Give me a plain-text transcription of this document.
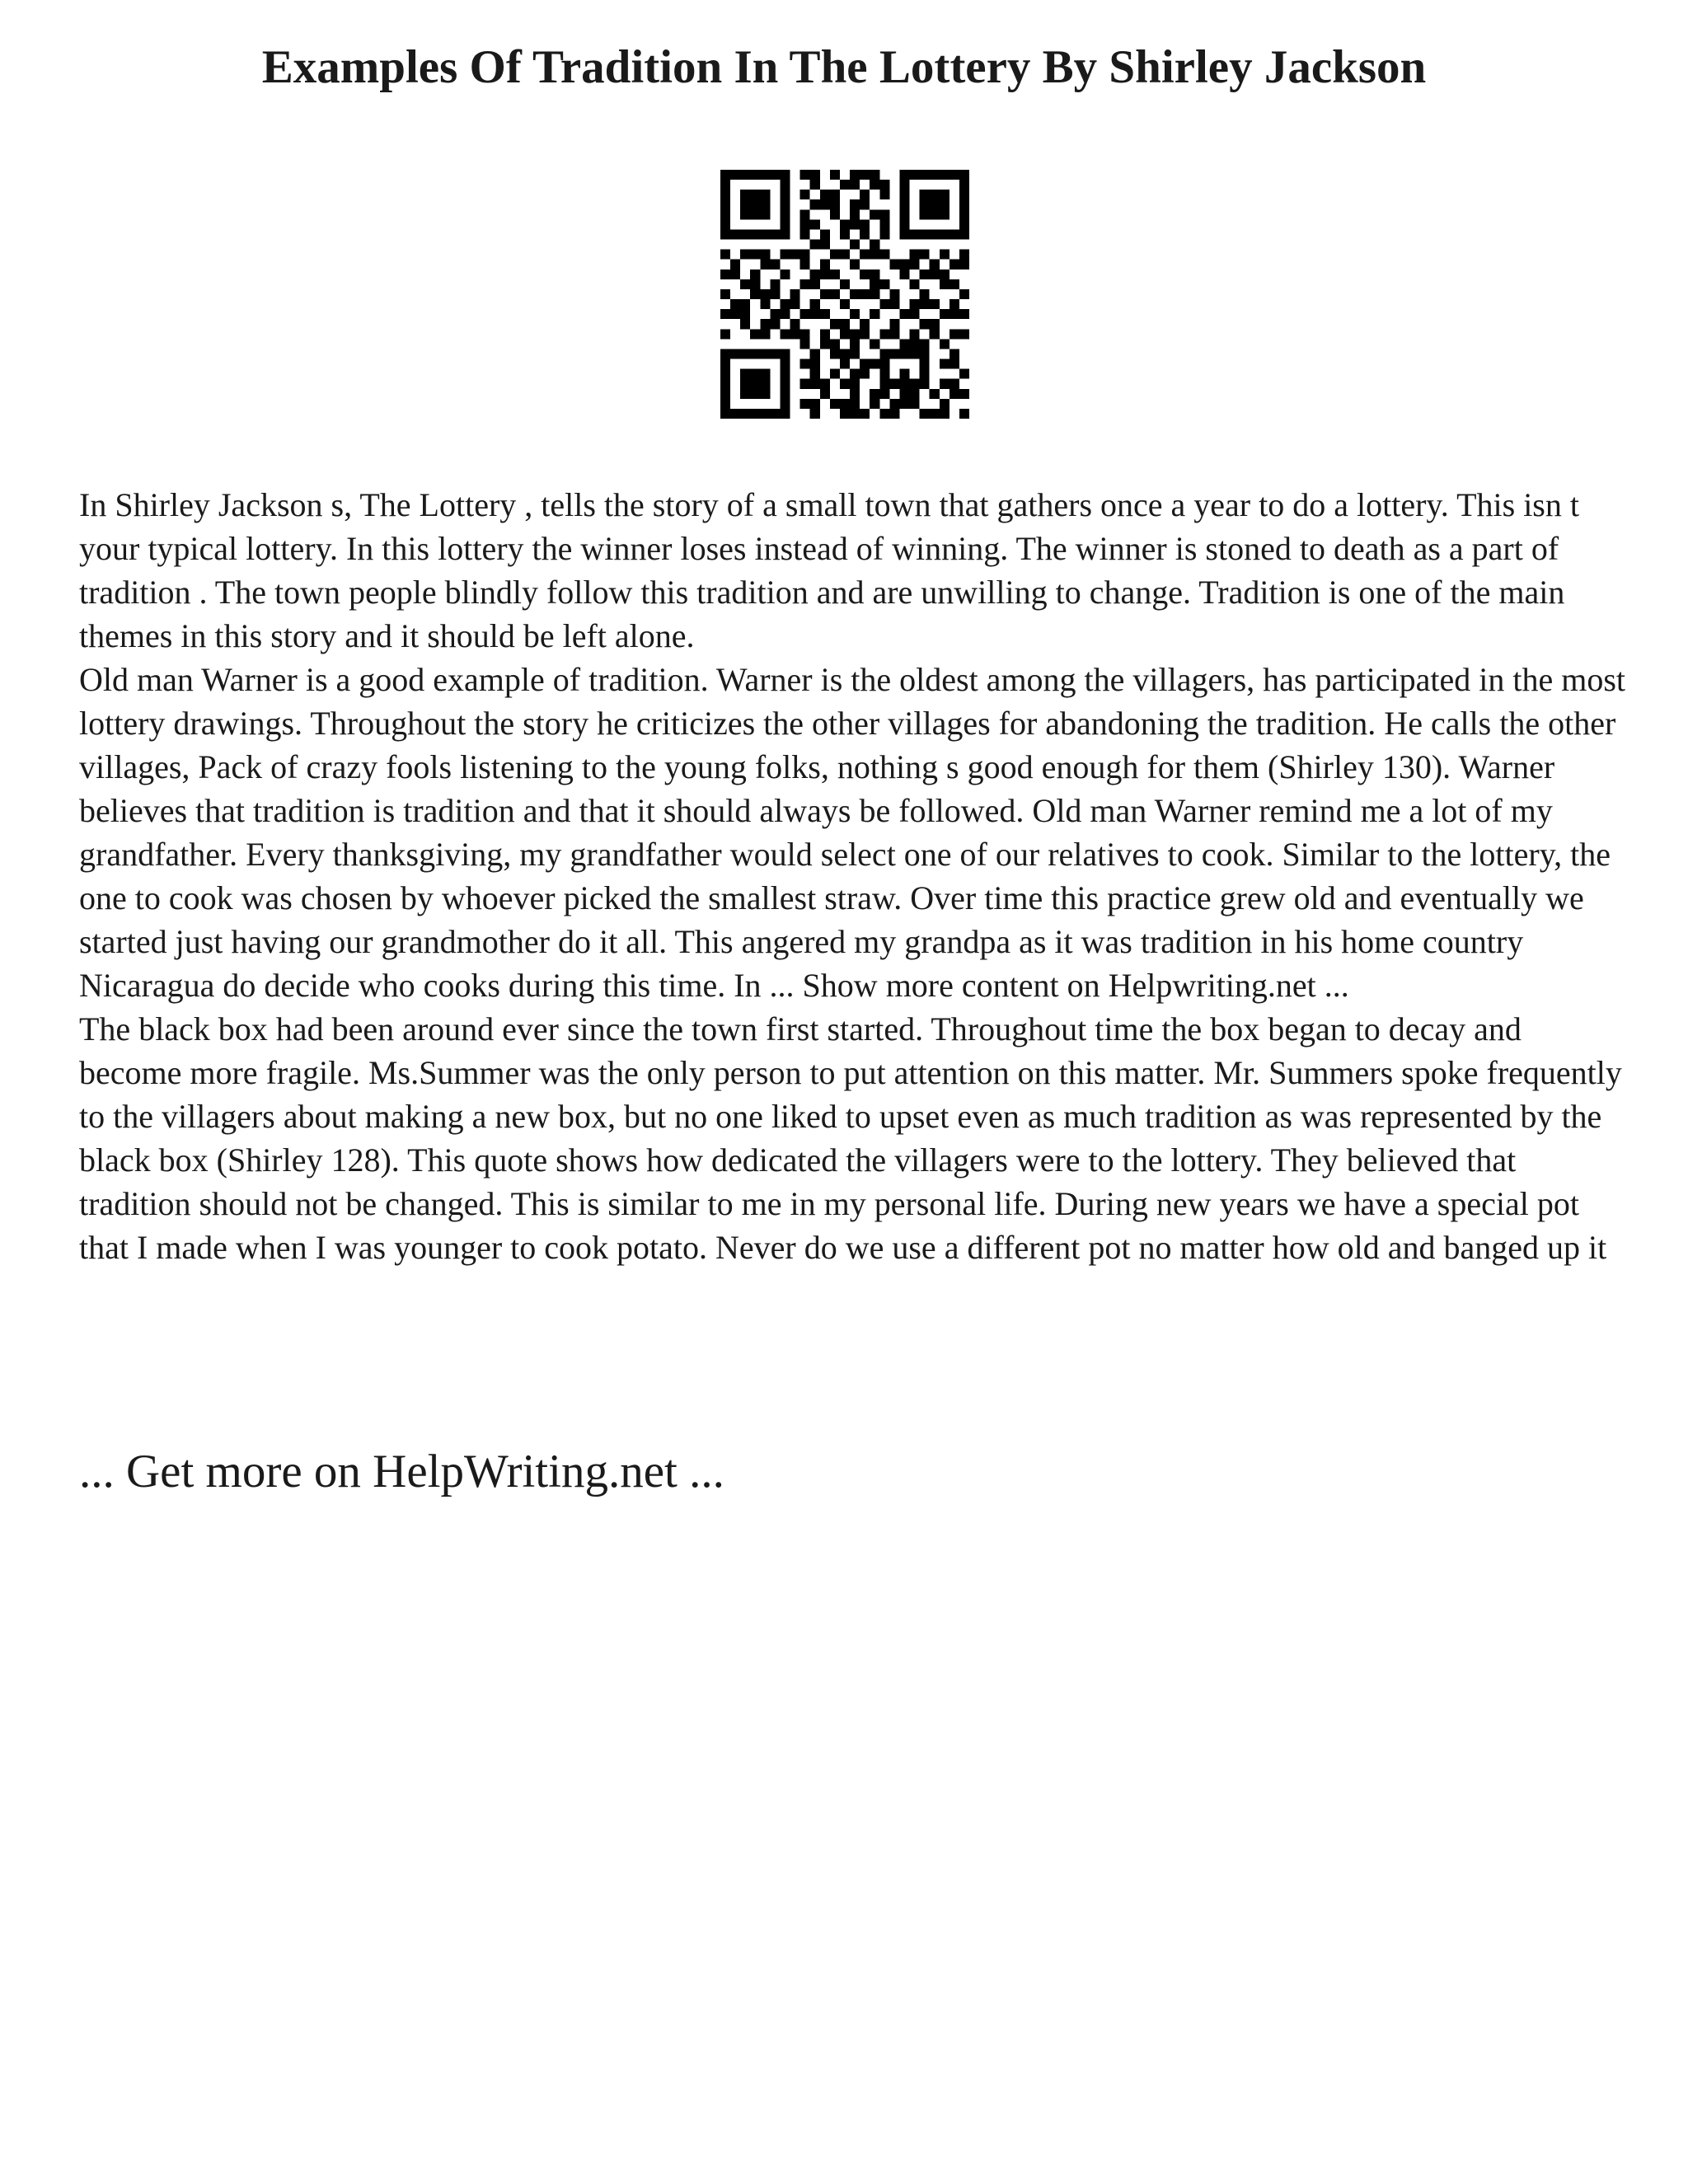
Examples Of Tradition In The Lottery By Shirley Jackson

In Shirley Jackson s, The Lottery , tells the story of a small town that gathers once a year to do a lottery. This isn t your typical lottery. In this lottery the winner loses instead of winning. The winner is stoned to death as a part of tradition . The town people blindly follow this tradition and are unwilling to change. Tradition is one of the main themes in this story and it should be left alone.

Old man Warner is a good example of tradition. Warner is the oldest among the villagers, has participated in the most lottery drawings. Throughout the story he criticizes the other villages for abandoning the tradition. He calls the other villages, Pack of crazy fools listening to the young folks, nothing s good enough for them (Shirley 130). Warner believes that tradition is tradition and that it should always be followed. Old man Warner remind me a lot of my grandfather. Every thanksgiving, my grandfather would select one of our relatives to cook. Similar to the lottery, the one to cook was chosen by whoever picked the smallest straw. Over time this practice grew old and eventually we started just having our grandmother do it all. This angered my grandpa as it was tradition in his home country Nicaragua do decide who cooks during this time. In ... Show more content on Helpwriting.net ...

The black box had been around ever since the town first started. Throughout time the box began to decay and become more fragile. Ms.Summer was the only person to put attention on this matter. Mr. Summers spoke frequently to the villagers about making a new box, but no one liked to upset even as much tradition as was represented by the black box (Shirley 128). This quote shows how dedicated the villagers were to the lottery. They believed that tradition should not be changed. This is similar to me in my personal life. During new years we have a special pot that I made when I was younger to cook potato. Never do we use a different pot no matter how old and banged up it

... Get more on HelpWriting.net ...
